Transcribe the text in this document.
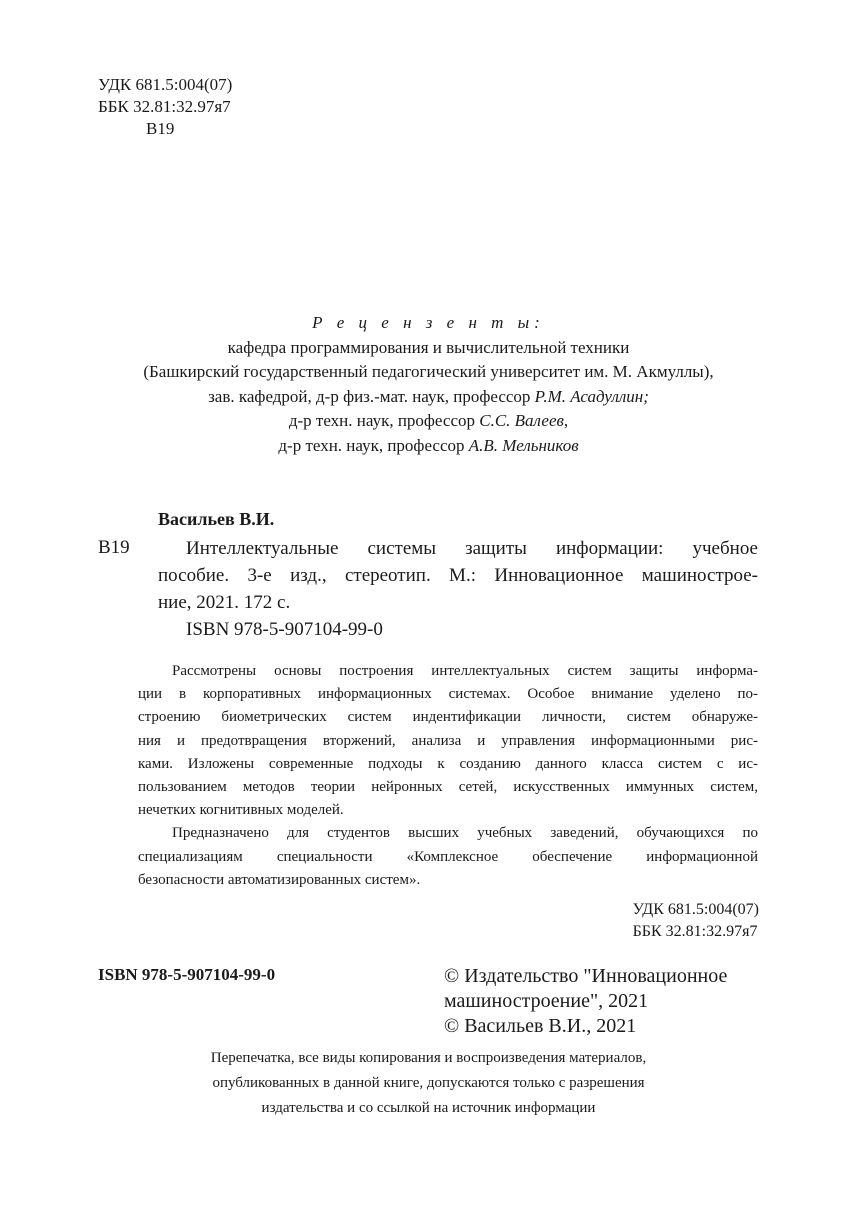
УДК 681.5:004(07)
ББК 32.81:32.97я7
В19
Р е ц е н з е н т ы:
кафедра программирования и вычислительной техники
(Башкирский государственный педагогический университет им. М. Акмуллы),
зав. кафедрой, д-р физ.-мат. наук, профессор Р.М. Асадуллин;
д-р техн. наук, профессор С.С. Валеев,
д-р техн. наук, профессор А.В. Мельников
Васильев В.И.
В19	Интеллектуальные системы защиты информации: учебное
пособие. 3-е изд., стереотип. М.: Инновационное машинострое-
ние, 2021. 172 с.
ISBN 978-5-907104-99-0
Рассмотрены основы построения интеллектуальных систем защиты информа-
ции в корпоративных информационных системах. Особое внимание уделено по-
строению биометрических систем индентификации личности, систем обнаруже-
ния и предотвращения вторжений, анализа и управления информационными рис-
ками. Изложены современные подходы к созданию данного класса систем с ис-
пользованием методов теории нейронных сетей, искусственных иммунных систем,
нечетких когнитивных моделей.
Предназначено для студентов высших учебных заведений, обучающихся по
специализациям специальности «Комплексное обеспечение информационной
безопасности автоматизированных систем».
УДК 681.5:004(07)
ББК 32.81:32.97я7
ISBN 978-5-907104-99-0	© Издательство "Инновационное
машиностроение", 2021
© Васильев В.И., 2021
Перепечатка, все виды копирования и воспроизведения материалов,
опубликованных в данной книге, допускаются только с разрешения
издательства и со ссылкой на источник информации
